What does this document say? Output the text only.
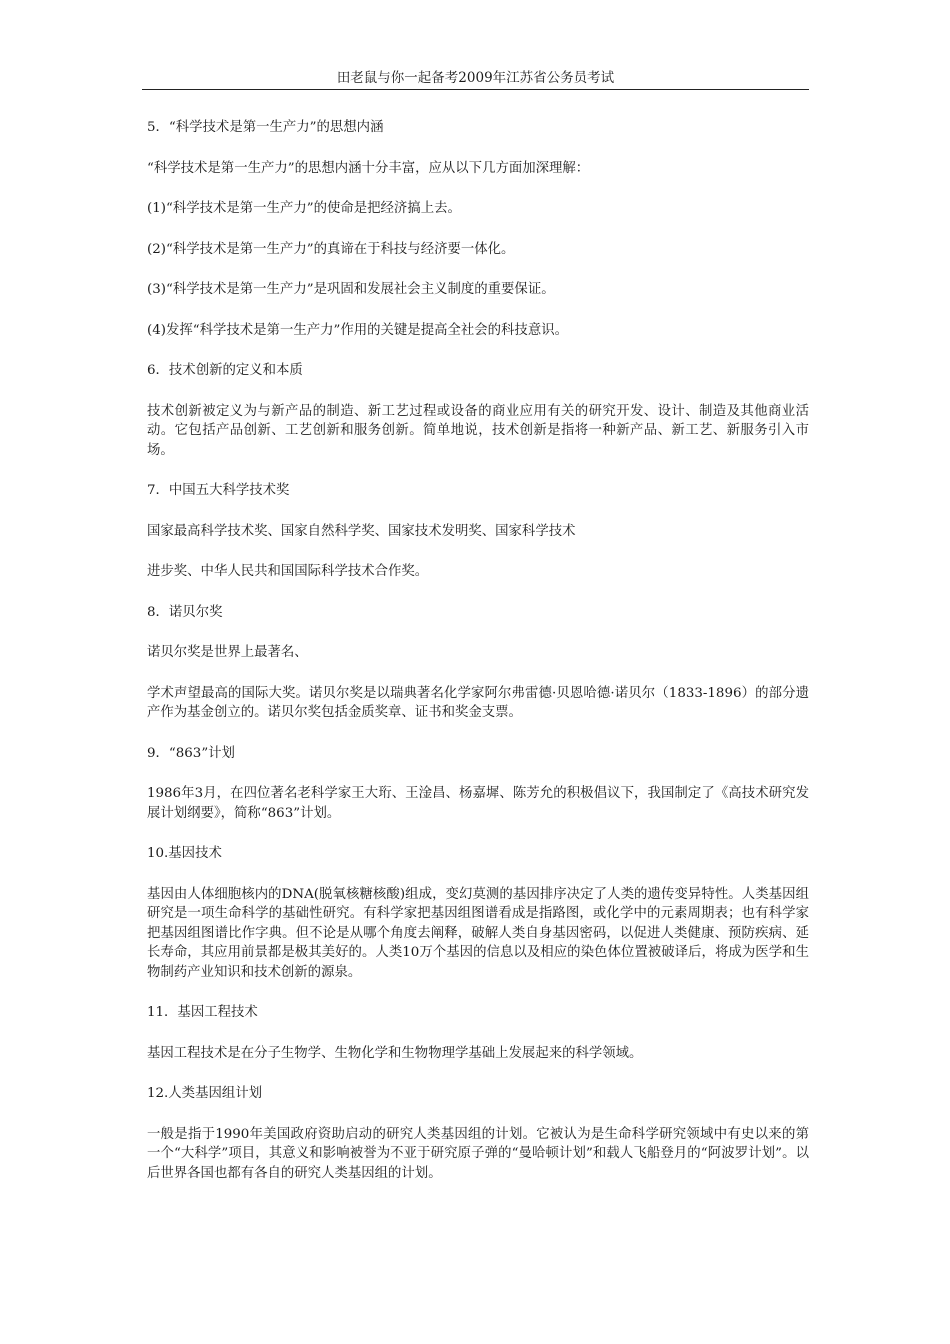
田老鼠与你一起备考2009年江苏省公务员考试

5．“科学技术是第一生产力”的思想内涵

“科学技术是第一生产力”的思想内涵十分丰富，应从以下几方面加深理解：

(1)“科学技术是第一生产力”的使命是把经济搞上去。

(2)“科学技术是第一生产力”的真谛在于科技与经济要一体化。

(3)“科学技术是第一生产力”是巩固和发展社会主义制度的重要保证。

(4)发挥“科学技术是第一生产力”作用的关键是提高全社会的科技意识。

6．技术创新的定义和本质

技术创新被定义为与新产品的制造、新工艺过程或设备的商业应用有关的研究开发、设计、制造及其他商业活动。它包括产品创新、工艺创新和服务创新。简单地说，技术创新是指将一种新产品、新工艺、新服务引入市场。

7．中国五大科学技术奖

国家最高科学技术奖、国家自然科学奖、国家技术发明奖、国家科学技术

进步奖、中华人民共和国国际科学技术合作奖。

8．诺贝尔奖

诺贝尔奖是世界上最著名、

学术声望最高的国际大奖。诺贝尔奖是以瑞典著名化学家阿尔弗雷德·贝恩哈德·诺贝尔（1833-1896）的部分遗产作为基金创立的。诺贝尔奖包括金质奖章、证书和奖金支票。

9．“863”计划

1986年3月，在四位著名老科学家王大珩、王淦昌、杨嘉墀、陈芳允的积极倡议下，我国制定了《高技术研究发展计划纲要》，简称“863”计划。

10.基因技术

基因由人体细胞核内的DNA(脱氧核糖核酸)组成，变幻莫测的基因排序决定了人类的遗传变异特性。人类基因组研究是一项生命科学的基础性研究。有科学家把基因组图谱看成是指路图，或化学中的元素周期表；也有科学家把基因组图谱比作字典。但不论是从哪个角度去阐释，破解人类自身基因密码，以促进人类健康、预防疾病、延长寿命，其应用前景都是极其美好的。人类10万个基因的信息以及相应的染色体位置被破译后，将成为医学和生物制药产业知识和技术创新的源泉。

11．基因工程技术

基因工程技术是在分子生物学、生物化学和生物物理学基础上发展起来的科学领域。

12.人类基因组计划

一般是指于1990年美国政府资助启动的研究人类基因组的计划。它被认为是生命科学研究领域中有史以来的第一个“大科学”项目，其意义和影响被誉为不亚于研究原子弹的“曼哈顿计划”和载人飞船登月的“阿波罗计划”。以后世界各国也都有各自的研究人类基因组的计划。
